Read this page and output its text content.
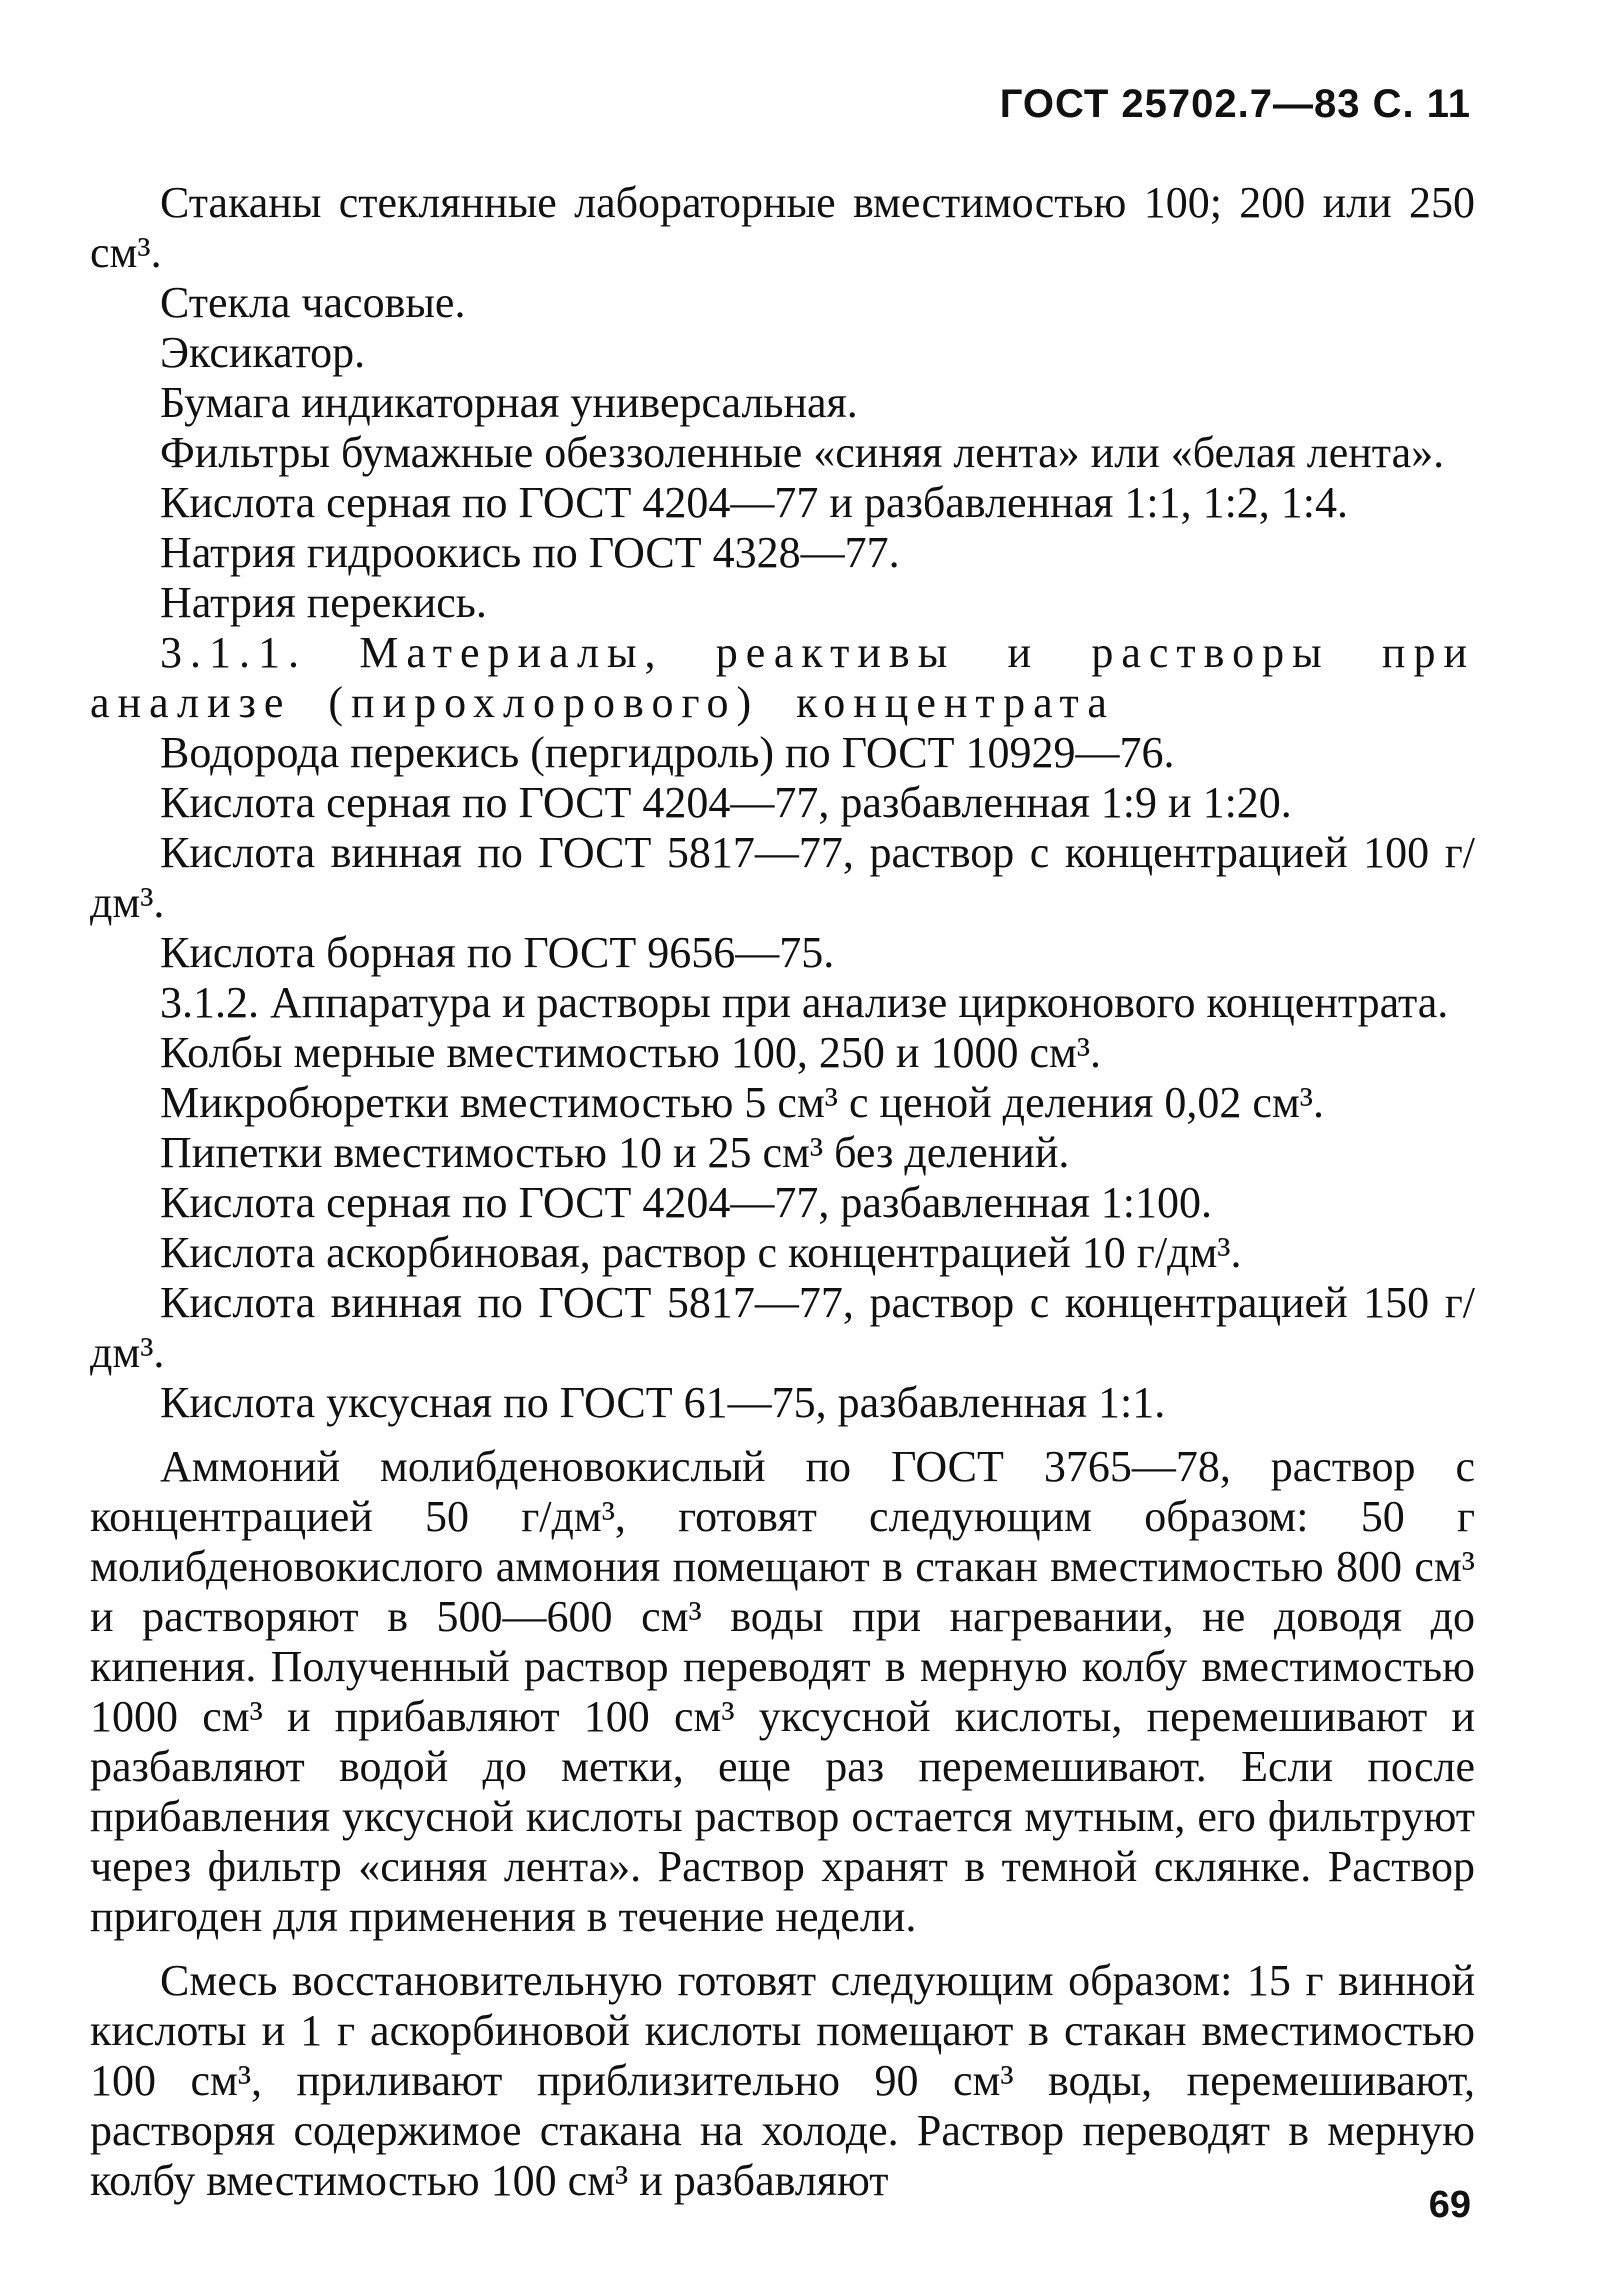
ГОСТ 25702.7—83 С. 11

Стаканы стеклянные лабораторные вместимостью 100; 200 или 250 см³.

Стекла часовые.

Эксикатор.

Бумага индикаторная универсальная.

Фильтры бумажные обеззоленные «синяя лента» или «белая лента».

Кислота серная по ГОСТ 4204—77 и разбавленная 1:1, 1:2, 1:4.

Натрия гидроокись по ГОСТ 4328—77.

Натрия перекись.

3.1.1. Материалы, реактивы и растворы при анализе (пирохлорового) концентрата

Водорода перекись (пергидроль) по ГОСТ 10929—76.

Кислота серная по ГОСТ 4204—77, разбавленная 1:9 и 1:20.

Кислота винная по ГОСТ 5817—77, раствор с концентрацией 100 г/дм³.

Кислота борная по ГОСТ 9656—75.

3.1.2. Аппаратура и растворы при анализе цирконового концентрата.

Колбы мерные вместимостью 100, 250 и 1000 см³.

Микробюретки вместимостью 5 см³ с ценой деления 0,02 см³.

Пипетки вместимостью 10 и 25 см³ без делений.

Кислота серная по ГОСТ 4204—77, разбавленная 1:100.

Кислота аскорбиновая, раствор с концентрацией 10 г/дм³.

Кислота винная по ГОСТ 5817—77, раствор с концентрацией 150 г/дм³.

Кислота уксусная по ГОСТ 61—75, разбавленная 1:1.

Аммоний молибденовокислый по ГОСТ 3765—78, раствор с концентрацией 50 г/дм³, готовят следующим образом: 50 г молибденовокислого аммония помещают в стакан вместимостью 800 см³ и растворяют в 500—600 см³ воды при нагревании, не доводя до кипения. Полученный раствор переводят в мерную колбу вместимостью 1000 см³ и прибавляют 100 см³ уксусной кислоты, перемешивают и разбавляют водой до метки, еще раз перемешивают. Если после прибавления уксусной кислоты раствор остается мутным, его фильтруют через фильтр «синяя лента». Раствор хранят в темной склянке. Раствор пригоден для применения в течение недели.

Смесь восстановительную готовят следующим образом: 15 г винной кислоты и 1 г аскорбиновой кислоты помещают в стакан вместимостью 100 см³, приливают приблизительно 90 см³ воды, перемешивают, растворяя содержимое стакана на холоде. Раствор переводят в мерную колбу вместимостью 100 см³ и разбавляют	69
